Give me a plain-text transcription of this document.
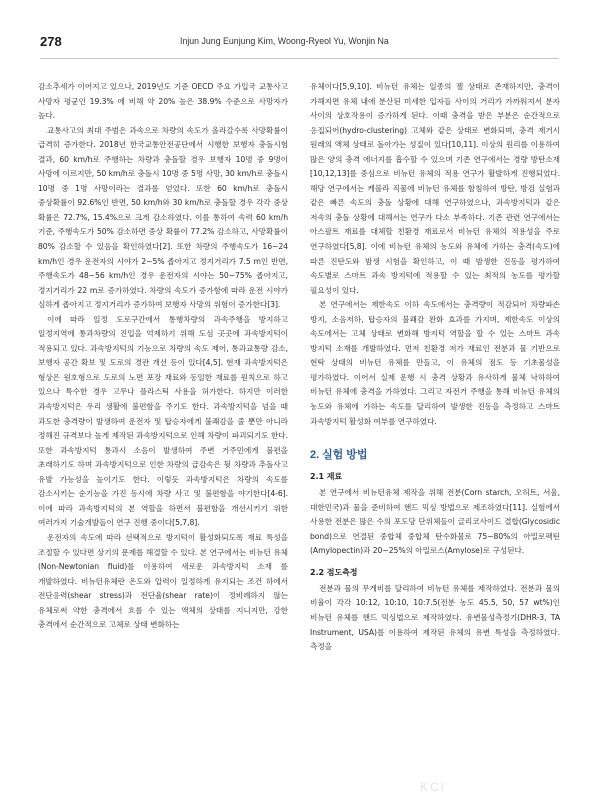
278	Injun Jung Eunjung Kim, Woong-Ryeol Yu, Wonjin Na

감소추세가 이어지고 있으나, 2019년도 기준 OECD 주요 가입국 교통사고 사망자 평균인 19.3% 에 비해 약 20% 높은 38.9% 수준으로 사망자가 높다.

교통사고의 최대 주범은 과속으로 차량의 속도가 올라갈수록 사망확률이 급격히 증가한다. 2018년 한국교통안전공단에서 시행한 보행자 충돌시험 결과, 60 km/h로 주행하는 차량과 충돌할 경우 보행자 10명 중 9명이 사망에 이르지만, 50 km/h로 충돌시 10명 중 5명 사망, 30 km/h로 충돌시 10명 중 1명 사망이라는 결과를 얻었다. 또한 60 km/h로 충돌시 중상확률이 92.6%인 반면, 50 km/h와 30 km/h로 충돌할 경우 각각 중상 확률은 72.7%, 15.4%으로 크게 감소하였다. 이를 통하여 속력 60 km/h 기준, 주행속도가 50% 감소하면 중상 확률이 77.2% 감소하고, 사망확률이 80% 감소할 수 있음을 확인하였다[2]. 또한 차량의 주행속도가 16~24 km/h인 경우 운전자의 시야가 2~5% 좁아지고 정지거리가 7.5 m인 반면, 주행속도가 48~56 km/h인 경우 운전자의 시야는 50~75% 좁아지고, 정지거리가 22 m로 증가하였다. 차량의 속도가 증가함에 따라 운전 시야가 심하게 좁아지고 정지거리가 증가하여 보행자 사망의 위험이 증가한다[3].

이에 따라 일정 도로구간에서 통행차량의 과속주행을 방지하고 일정지역에 통과차량의 진입을 억제하기 위해 도심 곳곳에 과속방지턱이 적용되고 있다. 과속방지턱의 기능으로 차량의 속도 제어, 통과교통량 감소, 보행자 공간 확보 및 도로의 경관 개선 등이 있다[4,5]. 현재 과속방지턱은 형상은 원호형으로 도로의 노면 포장 재료와 동일한 재료를 원칙으로 하고 있으나 특수한 경우 고무나 플라스틱 사용을 허가한다. 하지만 이러한 과속방지턱은 우리 생활에 불편함을 주기도 한다. 과속방지턱을 넘을 때 과도한 충격량이 발생하여 운전자 및 탑승자에게 불쾌감을 줄 뿐만 아니라 정해진 규격보다 높게 제작된 과속방지턱으로 인해 차량이 파괴되기도 한다. 또한 과속방지턱 통과시 소음이 발생하여 주변 거주민에게 불편을 초래하기도 하며 과속방지턱으로 인한 차량의 급감속은 뒷 차량과 추돌사고 유발 가능성을 높이기도 한다. 이렇듯 과속방지턱은 차량의 속도를 감소시키는 순기능을 가진 동시에 차량 사고 및 불편함을 야기한다[4-6]. 이에 따라 과속방지턱의 본 역할을 하면서 불편함을 개선시키기 위한 여러가지 기술개발들이 연구 진행 중이다[5,7,8].

운전자의 속도에 따라 선택적으로 방지턱이 활성화되도록 재료 특성을 조절할 수 있다면 상기의 문제를 해결할 수 있다. 본 연구에서는 비뉴턴 유체(Non-Newtonian fluid)를 이용하여 새로운 과속방지턱 소재 를 개발하였다. 비뉴턴유체란 온도와 압력이 일정하게 유지되는 조건 하에서 전단응력(shear stress)과 전단율(shear rate)이 정비례하지 않는 유체로써 약한 충격에서 흐를 수 있는 액체의 상태를 지니지만, 강한 충격에서 순간적으로 고체로 상태 변화하는

유체이다[5,9,10]. 비뉴턴 유체는 일종의 젤 상태로 존재하지만, 충격이 가해지면 유체 내에 분산된 미세한 입자들 사이의 거리가 가까워져서 분자 사이의 상호작용이 증가하게 된다. 이때 충격을 받은 부분은 순간적으로 응집되어(hydro-clustering) 고체와 같은 상태로 변화되며, 충격 제거시 원래의 액체 상태로 돌아가는 성질이 있다[10,11]. 이상의 원리를 이용하여 많은 양의 충격 에너지를 흡수할 수 있으며 기존 연구에서는 경량 방탄소재[10,12,13]를 중심으로 비뉴턴 유체의 적용 연구가 활발하게 진행되었다. 해당 연구에서는 케블라 직물에 비뉴턴 유체를 함침하여 방탄, 방검 실험과 같은 빠른 속도의 충돌 상황에 대해 연구하였으나, 과속방지턱과 같은 저속의 충돌 상황에 대해서는 연구가 다소 부족하다. 기존 관련 연구에서는 아스팔트 재료를 대체할 친환경 재료로서 비뉴턴 유체의 적용성을 주로 연구하였다[5,8]. 이에 비뉴턴 유체의 농도와 유체에 가하는 충격(속도)에 따른 진탄도와 밤생 시험을 확인하고, 이 때 밤생한 진동을 평가하여 속도별로 스마트 과속 방지턱에 적용할 수 있는 최적의 농도를 평가할 필요성이 있다.

본 연구에서는 제한속도 이하 속도에서는 충격량이 적감되어 차량파손 방지, 소음저하, 탑승자의 불쾌감 완화 효과를 가지며, 제한속도 이상의 속도에서는 고체 상태로 변화해 방지턱 역할을 할 수 있는 스마트 과속 방지턱 소재를 개발하였다. 먼저 친환경 저가 재료인 전분과 물 기반으로 현탁 상태의 비뉴턴 유체를 만들고, 이 유체의 점도 등 기초물성을 평가하였다. 이어서 실제 운행 시 충격 상황과 유사하게 물체 낙하하여 비뉴턴 유체에 충격을 가하였다. 그리고 자전거 주행을 통해 비뉴턴 유체의 농도와 유체에 가하는 속도를 달리하여 발생한 진동을 측정하고 스마트 과속방지턱 활성화 여부를 연구하였다.

2. 실험 방법
2.1 재료

본 연구에서 비뉴턴유체 제작을 위해 전분(Corn starch, 오허트, 서울, 대한민국)과 물을 준비하여 핸드 믹싱 방법으로 제조하였다[11]. 실험에서 사용한 전분은 많은 수의 포도당 단위체들이 글리코사이드 결합(Glycosidic bond)으로 연결된 중합체 중합체 탄수화물로 75~80%의 아밀로펙틴(Amylopectin)과 20~25%의 아밀로스(Amylose)로 구성된다.

2.2 점도측정

전분과 물의 무게비를 달리하여 비뉴턴 유체를 제작하였다. 전분과 물의 비율이 각각 10:12, 10:10, 10:7.5(전분 농도 45.5, 50, 57 wt%)인 비뉴턴 유체를 핸드 믹싱법으로 제작하였다. 유변물성측정기(DHR-3, TA Instrument, USA)를 이용하여 제작된 유체의 유변 특성을 측정하였다. 측정을

KCI
